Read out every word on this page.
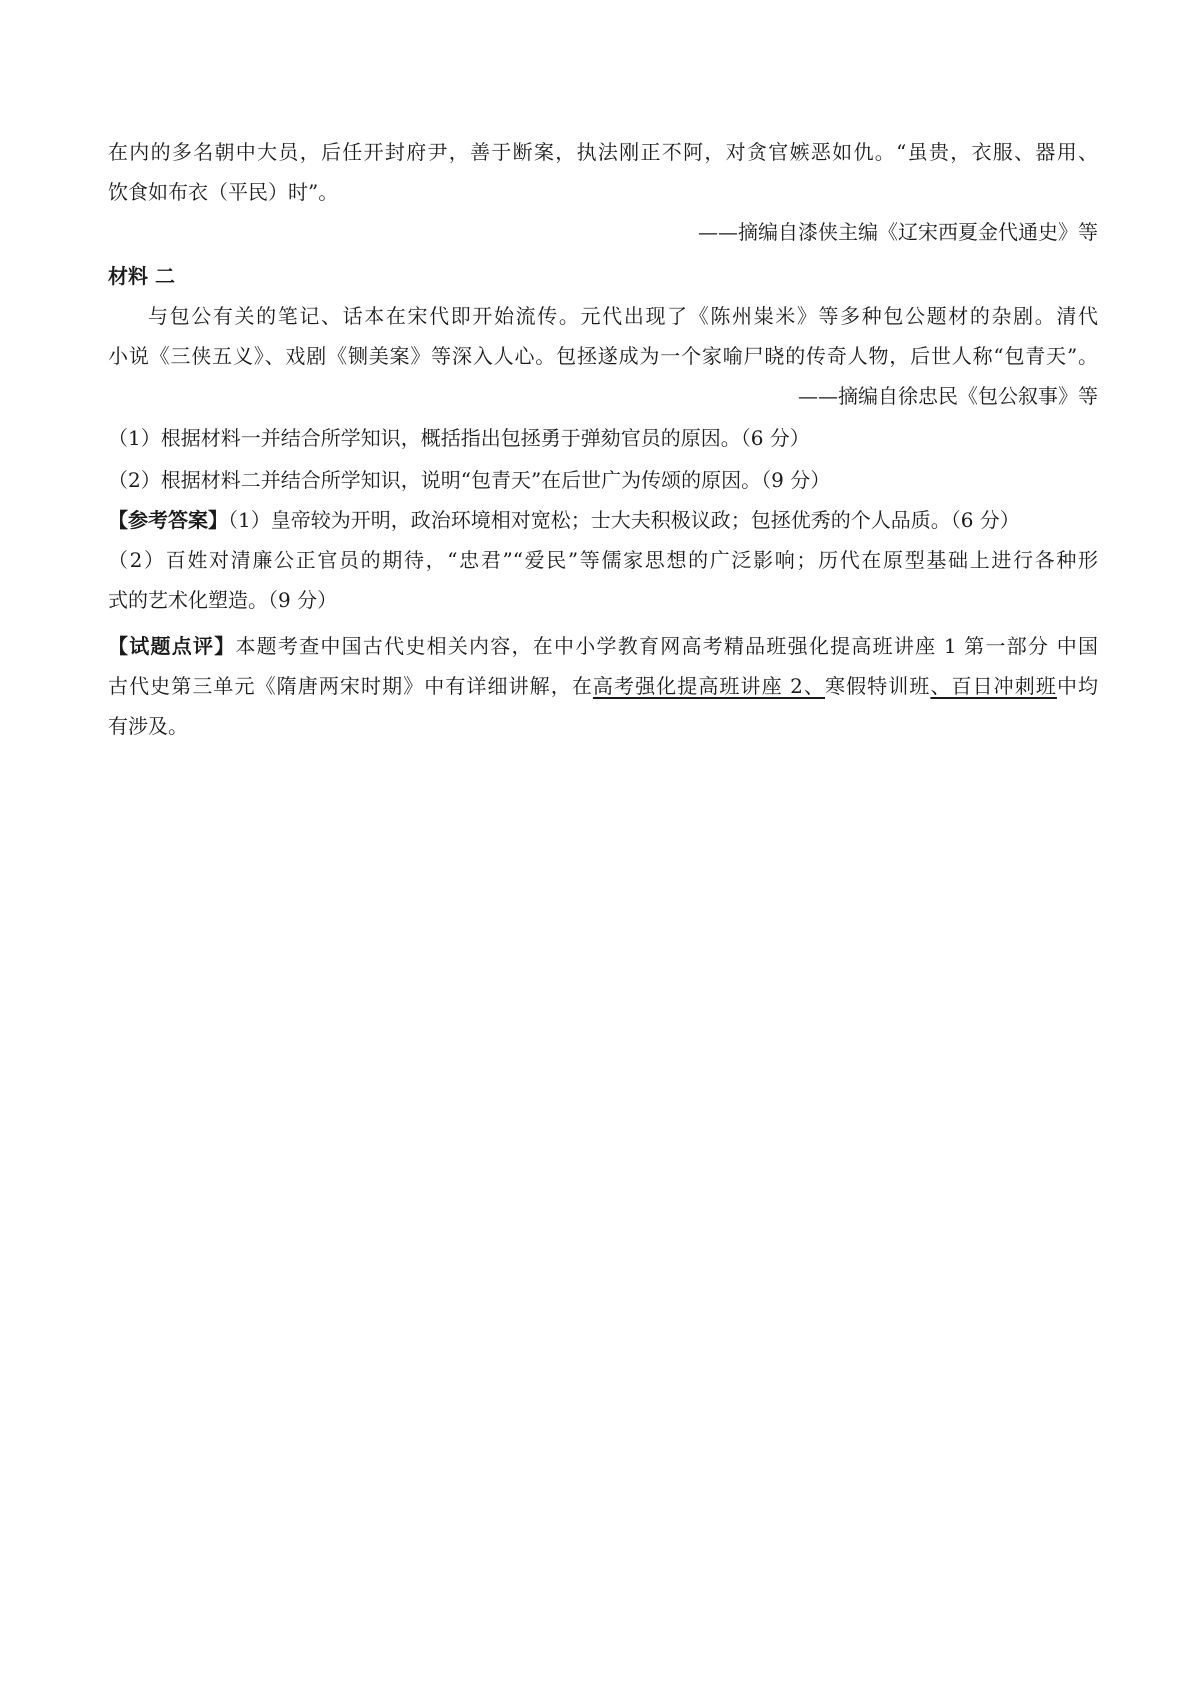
在内的多名朝中大员，后任开封府尹，善于断案，执法刚正不阿，对贪官嫉恶如仇。“虽贵，衣服、器用、
饮食如布衣（平民）时”。
——摘编自漆侠主编《辽宋西夏金代通史》等
材料 二
与包公有关的笔记、话本在宋代即开始流传。元代出现了《陈州粜米》等多种包公题材的杂剧。清代
小说《三侠五义》、戏剧《铡美案》等深入人心。包拯遂成为一个家喻尸晓的传奇人物，后世人称“包青天”。
——摘编自徐忠民《包公叙事》等
（1）根据材料一并结合所学知识，概括指出包拯勇于弹劾官员的原因。（6 分）
（2）根据材料二并结合所学知识，说明“包青天”在后世广为传颂的原因。（9 分）
【参考答案】（1）皇帝较为开明，政治环境相对宽松；士大夫积极议政；包拯优秀的个人品质。（6 分）
（2）百姓对清廉公正官员的期待，“忠君”“爱民”等儒家思想的广泛影响；历代在原型基础上进行各种形
式的艺术化塑造。（9 分）
【试题点评】本题考查中国古代史相关内容，在中小学教育网高考精品班强化提高班讲座 1 第一部分 中国
古代史第三单元《隋唐两宋时期》中有详细讲解，在高考强化提高班讲座 2、寒假特训班、百日冲刺班中均
有涉及。
